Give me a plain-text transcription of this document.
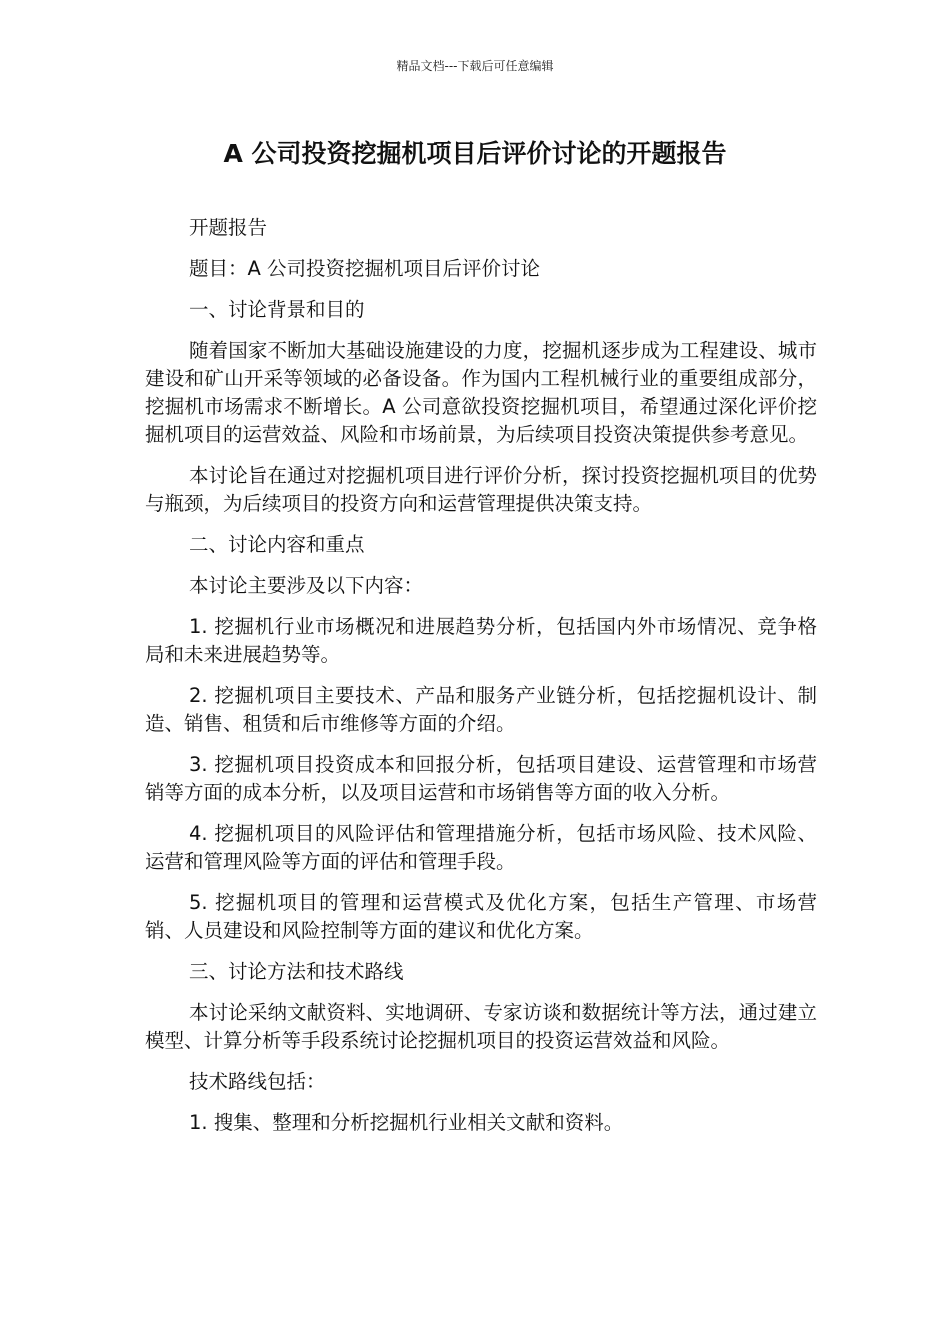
精品文档---下载后可任意编辑
A 公司投资挖掘机项目后评价讨论的开题报告

开题报告

题目：A 公司投资挖掘机项目后评价讨论

一、讨论背景和目的

随着国家不断加大基础设施建设的力度，挖掘机逐步成为工程建设、城市建设和矿山开采等领域的必备设备。作为国内工程机械行业的重要组成部分，挖掘机市场需求不断增长。A 公司意欲投资挖掘机项目，希望通过深化评价挖掘机项目的运营效益、风险和市场前景，为后续项目投资决策提供参考意见。

本讨论旨在通过对挖掘机项目进行评价分析，探讨投资挖掘机项目的优势与瓶颈，为后续项目的投资方向和运营管理提供决策支持。

二、讨论内容和重点

本讨论主要涉及以下内容：

1. 挖掘机行业市场概况和进展趋势分析，包括国内外市场情况、竞争格局和未来进展趋势等。

2. 挖掘机项目主要技术、产品和服务产业链分析，包括挖掘机设计、制造、销售、租赁和后市维修等方面的介绍。

3. 挖掘机项目投资成本和回报分析，包括项目建设、运营管理和市场营销等方面的成本分析，以及项目运营和市场销售等方面的收入分析。

4. 挖掘机项目的风险评估和管理措施分析，包括市场风险、技术风险、运营和管理风险等方面的评估和管理手段。

5. 挖掘机项目的管理和运营模式及优化方案，包括生产管理、市场营销、人员建设和风险控制等方面的建议和优化方案。

三、讨论方法和技术路线

本讨论采纳文献资料、实地调研、专家访谈和数据统计等方法，通过建立模型、计算分析等手段系统讨论挖掘机项目的投资运营效益和风险。

技术路线包括：

1. 搜集、整理和分析挖掘机行业相关文献和资料。
